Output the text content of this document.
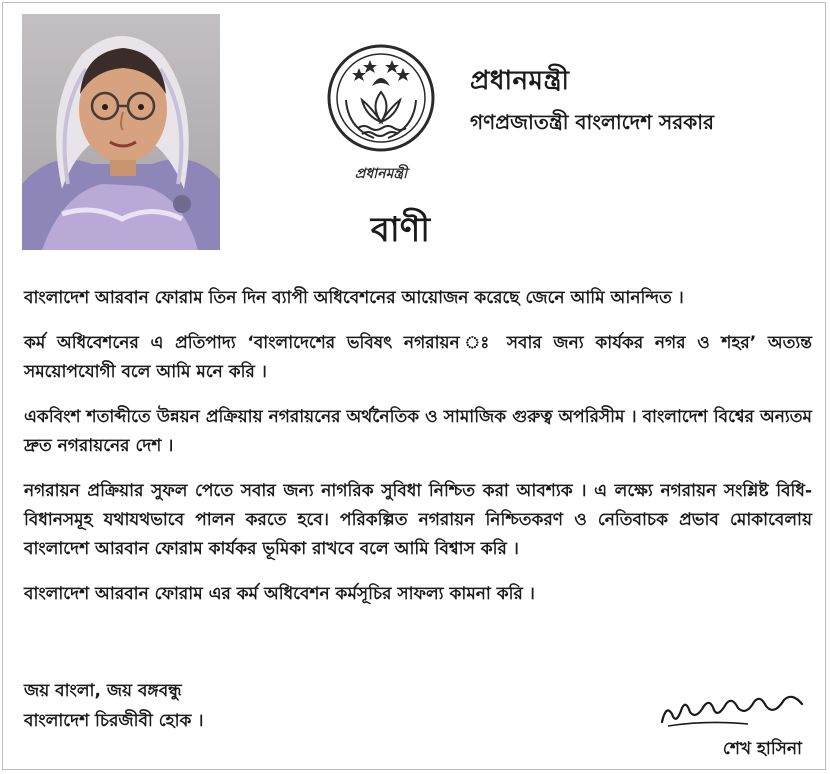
প্রধানমন্ত্রী
প্রধানমন্ত্রী
গণপ্রজাতন্ত্রী বাংলাদেশ সরকার
বাণী

বাংলাদেশ আরবান ফোরাম তিন দিন ব্যাপী অধিবেশনের আয়োজন করেছে জেনে আমি আনন্দিত ।

কর্ম অধিবেশনের এ প্রতিপাদ্য ‘বাংলাদেশের ভবিষৎ নগরায়ন ঃ সবার জন্য কার্যকর নগর ও শহর’ অত্যন্ত সময়োপযোগী বলে আমি মনে করি ।

একবিংশ শতাব্দীতে উন্নয়ন প্রক্রিয়ায় নগরায়নের অর্থনৈতিক ও সামাজিক গুরুত্ব অপরিসীম । বাংলাদেশ বিশ্বের অন্যতম দ্রুত নগরায়নের দেশ ।

নগরায়ন প্রক্রিয়ার সুফল পেতে সবার জন্য নাগরিক সুবিধা নিশ্চিত করা আবশ্যক । এ লক্ষ্যে নগরায়ন সংশ্লিষ্ট বিধি-বিধানসমূহ যথাযথভাবে পালন করতে হবে। পরিকল্পিত নগরায়ন নিশ্চিতকরণ ও নেতিবাচক প্রভাব মোকাবেলায় বাংলাদেশ আরবান ফোরাম কার্যকর ভূমিকা রাখবে বলে আমি বিশ্বাস করি ।

বাংলাদেশ আরবান ফোরাম এর কর্ম অধিবেশন কর্মসূচির সাফল্য কামনা করি ।

জয় বাংলা, জয় বঙ্গবন্ধু
বাংলাদেশ চিরজীবী হোক ।
শেখ হাসিনা
